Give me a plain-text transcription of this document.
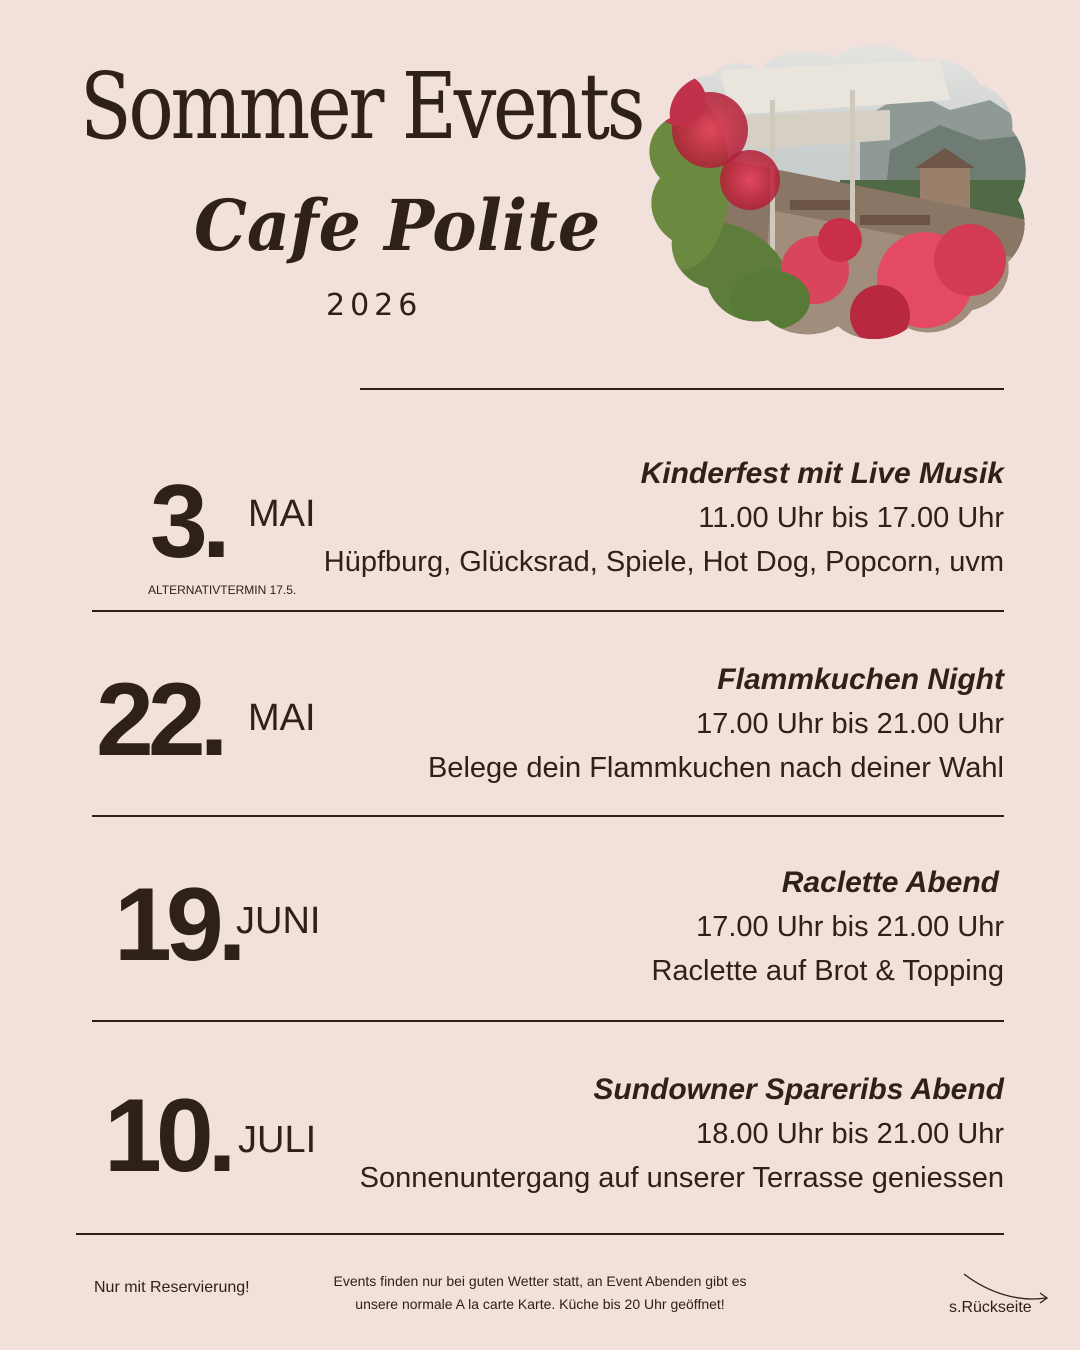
Sommer Events
Cafe Polite
2026
3. MAI
ALTERNATIVTERMIN 17.5.
Kinderfest mit Live Musik
11.00 Uhr bis 17.00 Uhr
Hüpfburg, Glücksrad, Spiele, Hot Dog, Popcorn, uvm
22. MAI
Flammkuchen Night
17.00 Uhr bis 21.00 Uhr
Belege dein Flammkuchen nach deiner Wahl
19.
JUNI
Raclette Abend
17.00 Uhr bis 21.00 Uhr
Raclette auf Brot & Topping
10. JULI
Sundowner Spareribs Abend
18.00 Uhr bis 21.00 Uhr
Sonnenuntergang auf unserer Terrasse geniessen
Nur mit Reservierung!	Events finden nur bei guten Wetter statt, an Event Abenden gibt es
unsere normale A la carte Karte. Küche bis 20 Uhr geöffnet!	s.Rückseite
